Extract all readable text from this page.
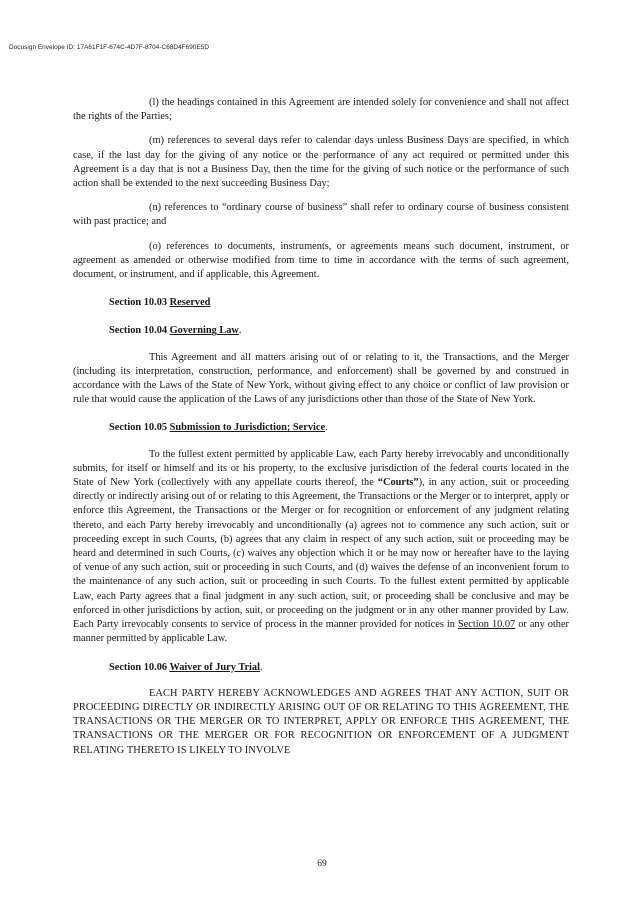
Docusign Envelope ID: 17A61F1F-674C-4D7F-8704-C68D4F690E5D

(l) the headings contained in this Agreement are intended solely for convenience and shall not affect the rights of the Parties;

(m) references to several days refer to calendar days unless Business Days are specified, in which case, if the last day for the giving of any notice or the performance of any act required or permitted under this Agreement is a day that is not a Business Day, then the time for the giving of such notice or the performance of such action shall be extended to the next succeeding Business Day;

(n) references to “ordinary course of business” shall refer to ordinary course of business consistent with past practice; and

(o) references to documents, instruments, or agreements means such document, instrument, or agreement as amended or otherwise modified from time to time in accordance with the terms of such agreement, document, or instrument, and if applicable, this Agreement.

Section 10.03 Reserved

Section 10.04 Governing Law.

This Agreement and all matters arising out of or relating to it, the Transactions, and the Merger (including its interpretation, construction, performance, and enforcement) shall be governed by and construed in accordance with the Laws of the State of New York, without giving effect to any choice or conflict of law provision or rule that would cause the application of the Laws of any jurisdictions other than those of the State of New York.

Section 10.05 Submission to Jurisdiction; Service.

To the fullest extent permitted by applicable Law, each Party hereby irrevocably and unconditionally submits, for itself or himself and its or his property, to the exclusive jurisdiction of the federal courts located in the State of New York (collectively with any appellate courts thereof, the “Courts”), in any action, suit or proceeding directly or indirectly arising out of or relating to this Agreement, the Transactions or the Merger or to interpret, apply or enforce this Agreement, the Transactions or the Merger or for recognition or enforcement of any judgment relating thereto, and each Party hereby irrevocably and unconditionally (a) agrees not to commence any such action, suit or proceeding except in such Courts, (b) agrees that any claim in respect of any such action, suit or proceeding may be heard and determined in such Courts, (c) waives any objection which it or he may now or hereafter have to the laying of venue of any such action, suit or proceeding in such Courts, and (d) waives the defense of an inconvenient forum to the maintenance of any such action, suit or proceeding in such Courts. To the fullest extent permitted by applicable Law, each Party agrees that a final judgment in any such action, suit, or proceeding shall be conclusive and may be enforced in other jurisdictions by action, suit, or proceeding on the judgment or in any other manner provided by Law. Each Party irrevocably consents to service of process in the manner provided for notices in Section 10.07 or any other manner permitted by applicable Law.

Section 10.06 Waiver of Jury Trial.

EACH PARTY HEREBY ACKNOWLEDGES AND AGREES THAT ANY ACTION, SUIT OR PROCEEDING DIRECTLY OR INDIRECTLY ARISING OUT OF OR RELATING TO THIS AGREEMENT, THE TRANSACTIONS OR THE MERGER OR TO INTERPRET, APPLY OR ENFORCE THIS AGREEMENT, THE TRANSACTIONS OR THE MERGER OR FOR RECOGNITION OR ENFORCEMENT OF A JUDGMENT RELATING THERETO IS LIKELY TO INVOLVE

69
